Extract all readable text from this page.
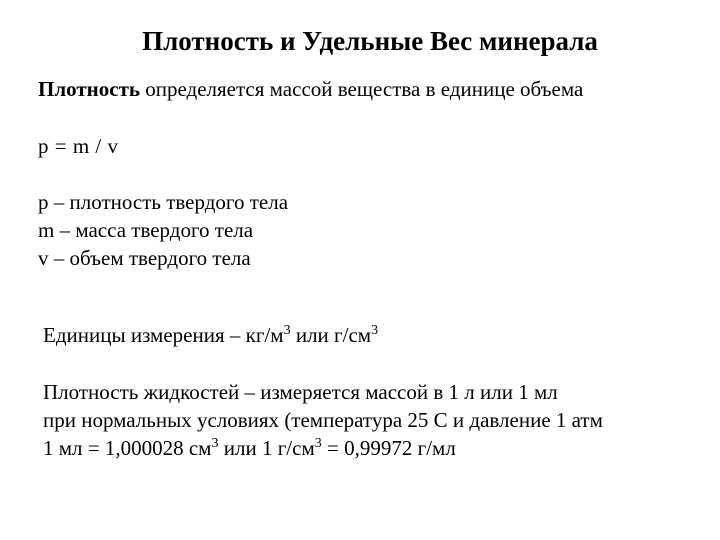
Плотность и Удельные Вес минерала
Плотность определяется массой вещества в единице объема
p = m / v
p – плотность твердого тела
m – масса твердого тела
v – объем твердого тела
Единицы измерения – $кг/м^3$ или $г/см^3$
Плотность жидкостей – измеряется массой в 1 л или 1 мл
при нормальных условиях (температура 25 С и давление 1 атм
1 мл = 1,000028 $см^3$ или 1 $г/см^3 = 0,99972$ г/мл
